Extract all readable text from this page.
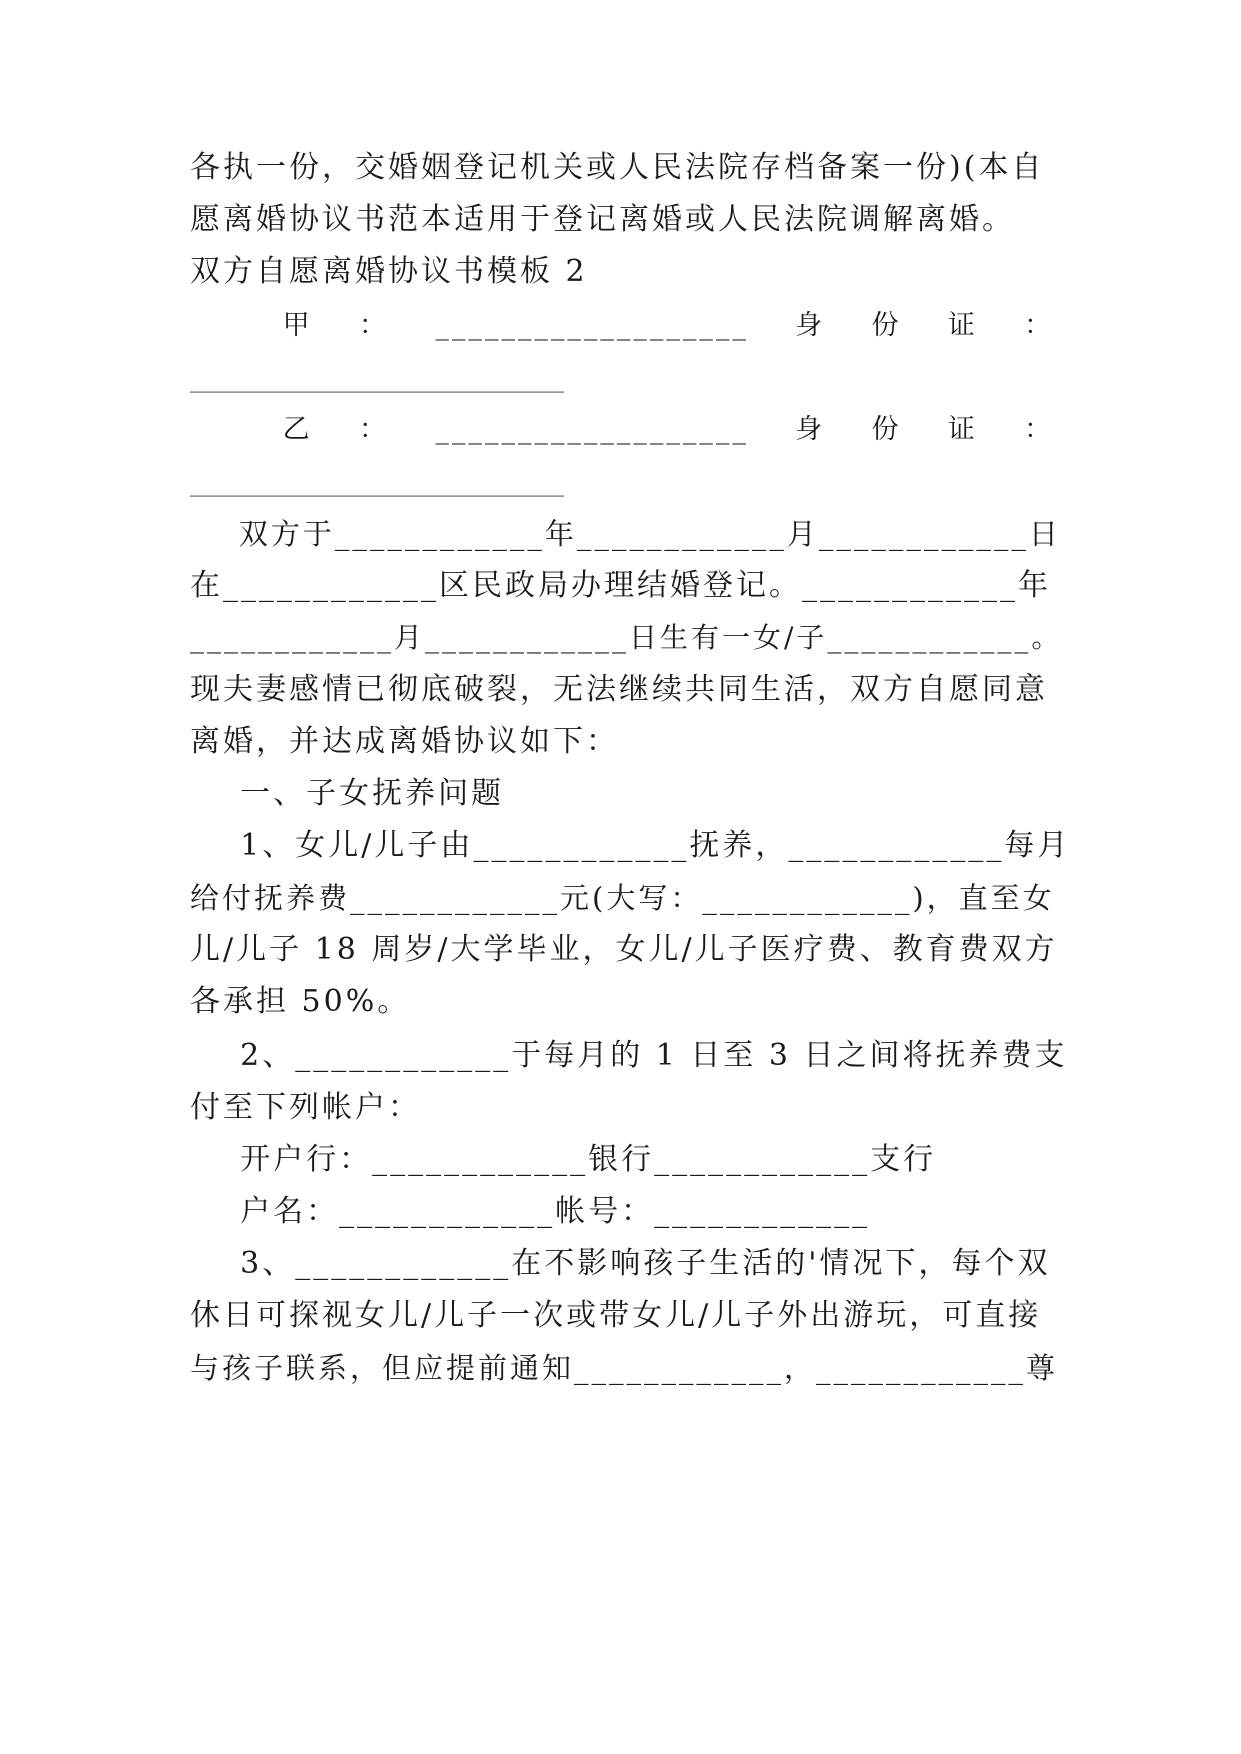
各执一份，交婚姻登记机关或人民法院存档备案一份)(本自
愿离婚协议书范本适用于登记离婚或人民法院调解离婚。
双方自愿离婚协议书模板 2
甲    ：    ___________________    身    份    证    ：
__________________________________
乙    ：    ___________________    身    份    证    ：
__________________________________
双方于____________年____________月____________日
在____________区民政局办理结婚登记。____________年
____________月____________日生有一女/子____________。
现夫妻感情已彻底破裂，无法继续共同生活，双方自愿同意
离婚，并达成离婚协议如下：
一、子女抚养问题
1、女儿/儿子由____________抚养，____________每月
给付抚养费____________元(大写：____________)，直至女
儿/儿子 18 周岁/大学毕业，女儿/儿子医疗费、教育费双方
各承担 50%。
2、____________于每月的 1 日至 3 日之间将抚养费支
付至下列帐户：
开户行：____________银行____________支行
户名：____________帐号：____________
3、____________在不影响孩子生活的'情况下，每个双
休日可探视女儿/儿子一次或带女儿/儿子外出游玩，可直接
与孩子联系，但应提前通知____________，____________尊
